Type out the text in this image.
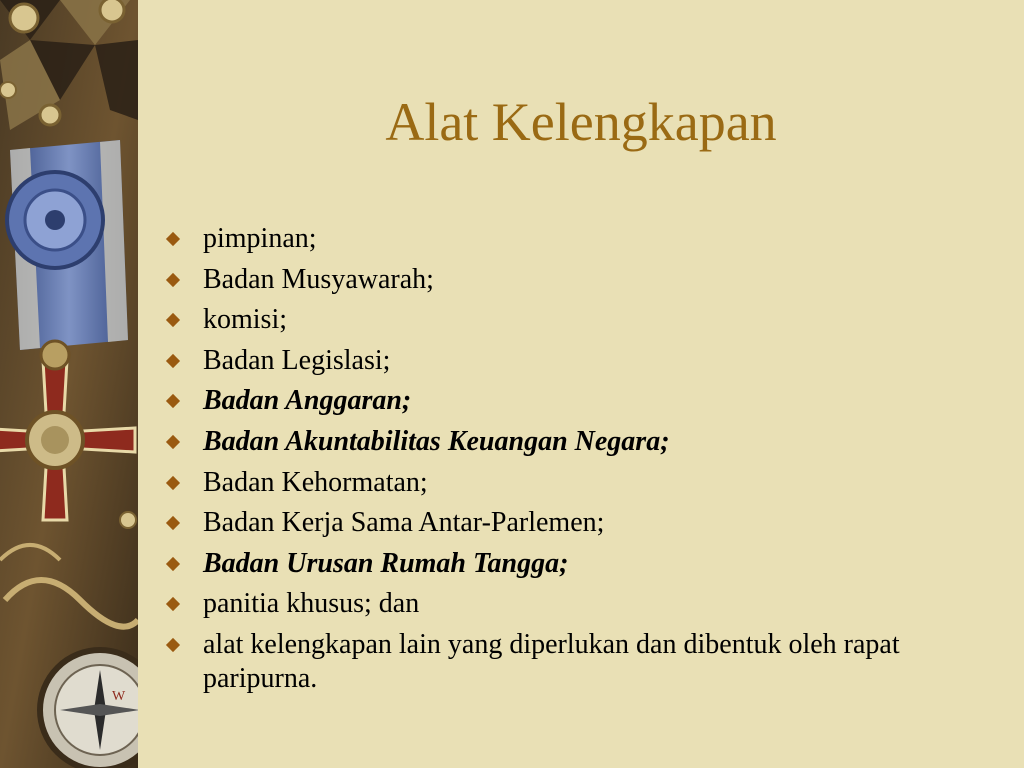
W
Alat Kelengkapan
pimpinan;
Badan Musyawarah;
komisi;
Badan Legislasi;
Badan Anggaran;
Badan Akuntabilitas Keuangan Negara;
Badan Kehormatan;
Badan Kerja Sama Antar-Parlemen;
Badan Urusan Rumah Tangga;
panitia khusus; dan
alat kelengkapan lain yang diperlukan dan dibentuk oleh rapat paripurna.
